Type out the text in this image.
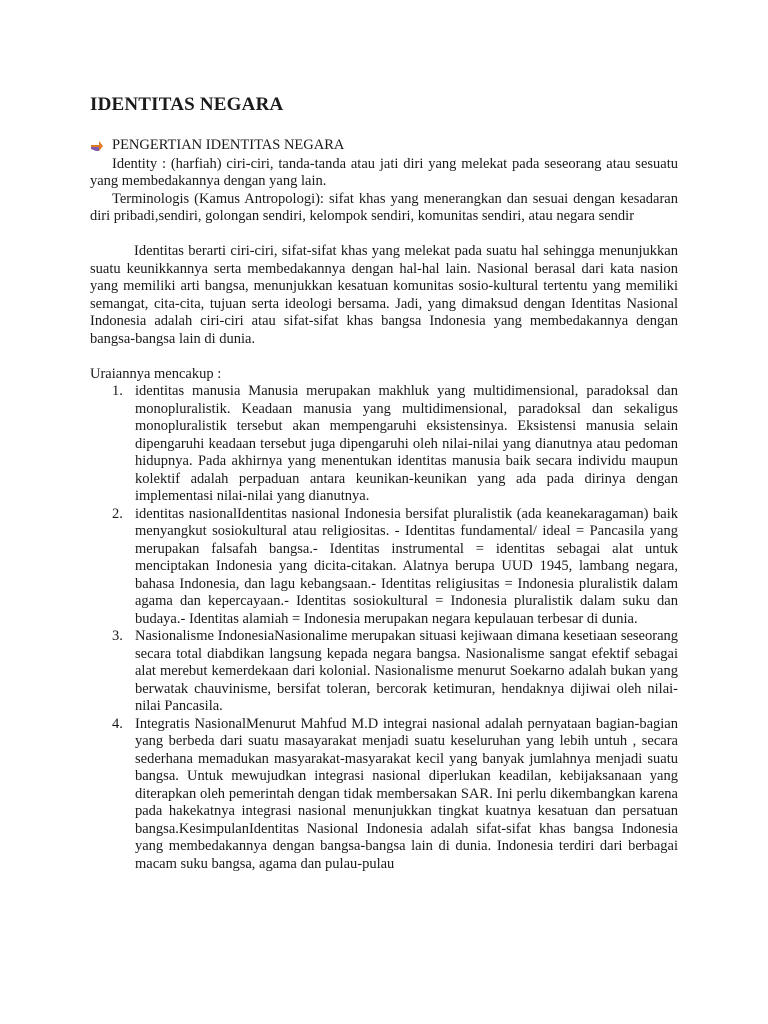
IDENTITAS NEGARA
PENGERTIAN IDENTITAS NEGARA

Identity : (harfiah) ciri-ciri, tanda-tanda atau jati diri yang melekat pada seseorang atau sesuatu yang membedakannya dengan yang lain.

Terminologis (Kamus Antropologi): sifat khas yang menerangkan dan sesuai dengan kesadaran diri pribadi,sendiri, golongan sendiri, kelompok sendiri, komunitas sendiri, atau negara sendir

Identitas berarti ciri-ciri, sifat-sifat khas yang melekat pada suatu hal sehingga menunjukkan suatu keunikkannya serta membedakannya dengan hal-hal lain. Nasional berasal dari kata nasion yang memiliki arti bangsa, menunjukkan kesatuan komunitas sosio-kultural tertentu yang memiliki semangat, cita-cita, tujuan serta ideologi bersama. Jadi, yang dimaksud dengan Identitas Nasional Indonesia adalah ciri-ciri atau sifat-sifat khas bangsa Indonesia yang membedakannya dengan bangsa-bangsa lain di dunia.

Uraiannya mencakup :

1. identitas manusia Manusia merupakan makhluk yang multidimensional, paradoksal dan monopluralistik. Keadaan manusia yang multidimensional, paradoksal dan sekaligus monopluralistik tersebut akan mempengaruhi eksistensinya. Eksistensi manusia selain dipengaruhi keadaan tersebut juga dipengaruhi oleh nilai-nilai yang dianutnya atau pedoman hidupnya. Pada akhirnya yang menentukan identitas manusia baik secara individu maupun kolektif adalah perpaduan antara keunikan-keunikan yang ada pada dirinya dengan implementasi nilai-nilai yang dianutnya.
2. identitas nasionalIdentitas nasional Indonesia bersifat pluralistik (ada keanekaragaman) baik menyangkut sosiokultural atau religiositas. - Identitas fundamental/ ideal = Pancasila yang merupakan falsafah bangsa.- Identitas instrumental = identitas sebagai alat untuk menciptakan Indonesia yang dicita-citakan. Alatnya berupa UUD 1945, lambang negara, bahasa Indonesia, dan lagu kebangsaan.- Identitas religiusitas = Indonesia pluralistik dalam agama dan kepercayaan.- Identitas sosiokultural = Indonesia pluralistik dalam suku dan budaya.- Identitas alamiah = Indonesia merupakan negara kepulauan terbesar di dunia.
3. Nasionalisme IndonesiaNasionalime merupakan situasi kejiwaan dimana kesetiaan seseorang secara total diabdikan langsung kepada negara bangsa. Nasionalisme sangat efektif sebagai alat merebut kemerdekaan dari kolonial. Nasionalisme menurut Soekarno adalah bukan yang berwatak chauvinisme, bersifat toleran, bercorak ketimuran, hendaknya dijiwai oleh nilai-nilai Pancasila.
4. Integratis NasionalMenurut Mahfud M.D integrai nasional adalah pernyataan bagian-bagian yang berbeda dari suatu masayarakat menjadi suatu keseluruhan yang lebih untuh , secara sederhana memadukan masyarakat-masyarakat kecil yang banyak jumlahnya menjadi suatu bangsa. Untuk mewujudkan integrasi nasional diperlukan keadilan, kebijaksanaan yang diterapkan oleh pemerintah dengan tidak membersakan SAR. Ini perlu dikembangkan karena pada hakekatnya integrasi nasional menunjukkan tingkat kuatnya kesatuan dan persatuan bangsa.KesimpulanIdentitas Nasional Indonesia adalah sifat-sifat khas bangsa Indonesia yang membedakannya dengan bangsa-bangsa lain di dunia. Indonesia terdiri dari berbagai macam suku bangsa, agama dan pulau-pulau
